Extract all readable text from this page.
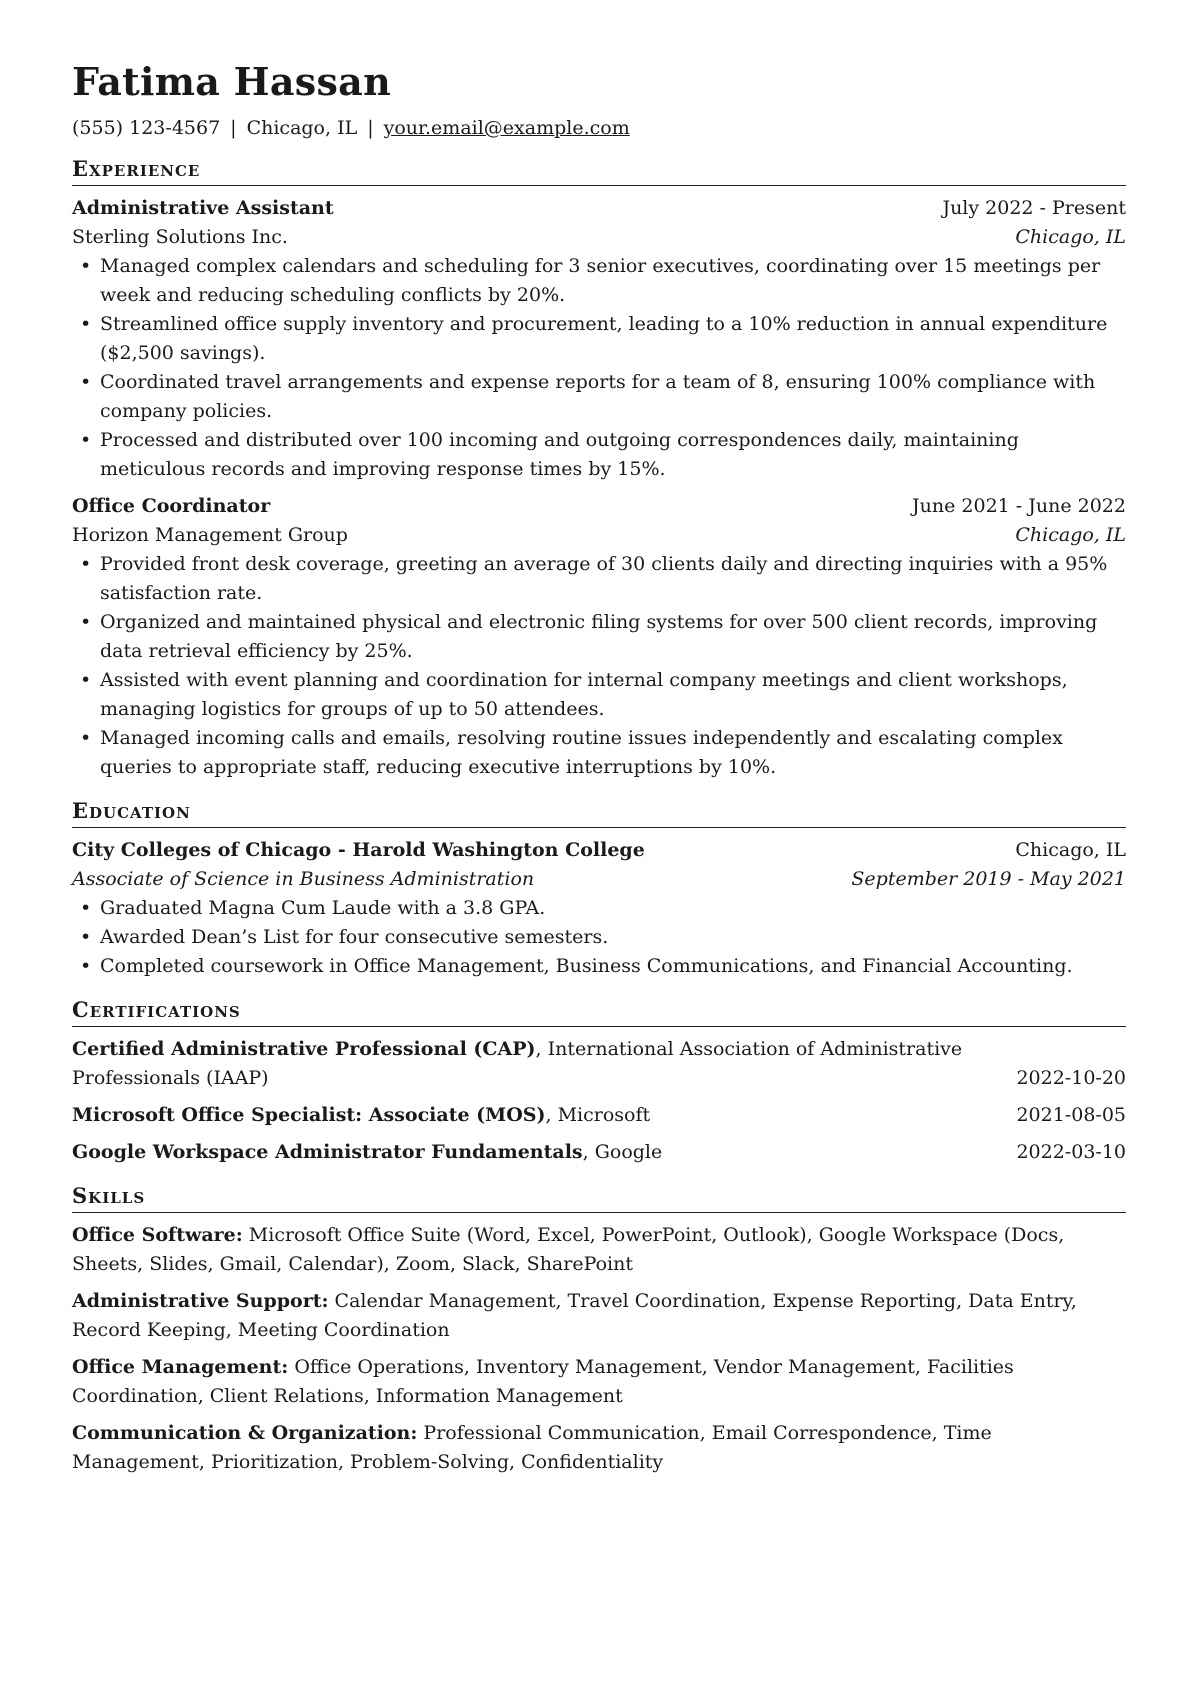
Fatima Hassan
(555) 123-4567 | Chicago, IL | your.email@example.com
Experience
Administrative Assistant	July 2022 - Present
Sterling Solutions Inc.	Chicago, IL
• Managed complex calendars and scheduling for 3 senior executives, coordinating over 15 meetings per week and reducing scheduling conflicts by 20%.
• Streamlined office supply inventory and procurement, leading to a 10% reduction in annual expenditure ($2,500 savings).
• Coordinated travel arrangements and expense reports for a team of 8, ensuring 100% compliance with company policies.
• Processed and distributed over 100 incoming and outgoing correspondences daily, maintaining meticulous records and improving response times by 15%.
Office Coordinator	June 2021 - June 2022
Horizon Management Group	Chicago, IL
• Provided front desk coverage, greeting an average of 30 clients daily and directing inquiries with a 95% satisfaction rate.
• Organized and maintained physical and electronic filing systems for over 500 client records, improving data retrieval efficiency by 25%.
• Assisted with event planning and coordination for internal company meetings and client workshops, managing logistics for groups of up to 50 attendees.
• Managed incoming calls and emails, resolving routine issues independently and escalating complex queries to appropriate staff, reducing executive interruptions by 10%.
Education
City Colleges of Chicago - Harold Washington College	Chicago, IL
Associate of Science in Business Administration	September 2019 - May 2021
• Graduated Magna Cum Laude with a 3.8 GPA.
• Awarded Dean’s List for four consecutive semesters.
• Completed coursework in Office Management, Business Communications, and Financial Accounting.
Certifications
Certified Administrative Professional (CAP), International Association of Administrative Professionals (IAAP)	2022-10-20
Microsoft Office Specialist: Associate (MOS), Microsoft	2021-08-05
Google Workspace Administrator Fundamentals, Google	2022-03-10
Skills
Office Software: Microsoft Office Suite (Word, Excel, PowerPoint, Outlook), Google Workspace (Docs, Sheets, Slides, Gmail, Calendar), Zoom, Slack, SharePoint
Administrative Support: Calendar Management, Travel Coordination, Expense Reporting, Data Entry, Record Keeping, Meeting Coordination
Office Management: Office Operations, Inventory Management, Vendor Management, Facilities Coordination, Client Relations, Information Management
Communication & Organization: Professional Communication, Email Correspondence, Time Management, Prioritization, Problem-Solving, Confidentiality
